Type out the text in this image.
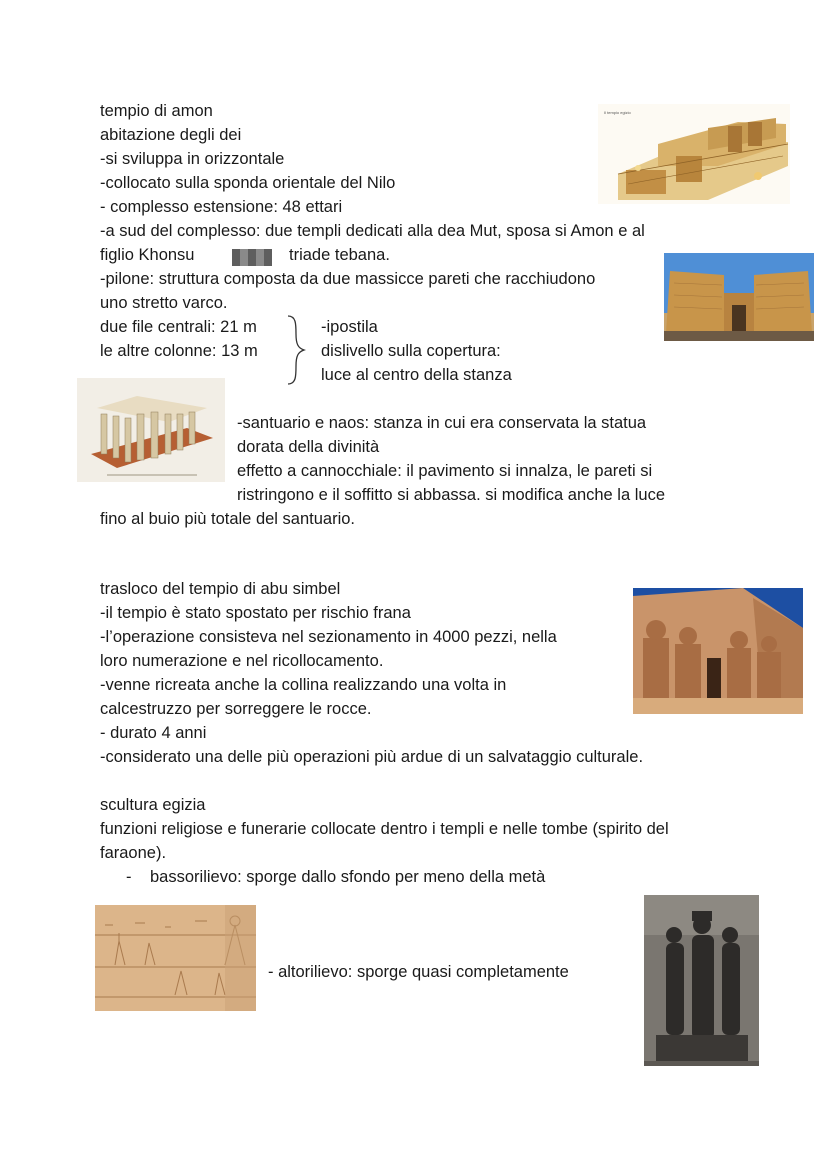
tempio di amon

abitazione degli dei

-si sviluppa in orizzontale

-collocato sulla sponda orientale del Nilo

- complesso estensione: 48 ettari

-a sud del complesso: due templi dedicati alla dea Mut, sposa si Amon e al

figlio Khonsu	triade tebana.

-pilone: struttura composta da due massicce pareti che racchiudono

uno stretto varco.

due file centrali: 21 m

le altre colonne: 13 m

-ipostila

dislivello sulla copertura:

luce al centro della stanza

-santuario e naos: stanza in cui era conservata la statua

dorata della divinità

effetto a cannocchiale: il pavimento si innalza, le pareti si

ristringono e il soffitto si abbassa. si modifica anche la luce

fino al buio più totale del santuario.

Il tempio egizio

trasloco del tempio di abu simbel

-il tempio è stato spostato per rischio frana

-l’operazione consisteva nel sezionamento in 4000 pezzi, nella

loro numerazione e nel ricollocamento.

-venne ricreata anche la collina realizzando una volta in

calcestruzzo per sorreggere le rocce.

- durato 4 anni

-considerato una delle più operazioni più ardue di un salvataggio culturale.

scultura egizia

funzioni religiose e funerarie collocate dentro i templi e nelle tombe (spirito del

faraone).

- bassorilievo: sporge dallo sfondo per meno della metà

- altorilievo: sporge quasi completamente
